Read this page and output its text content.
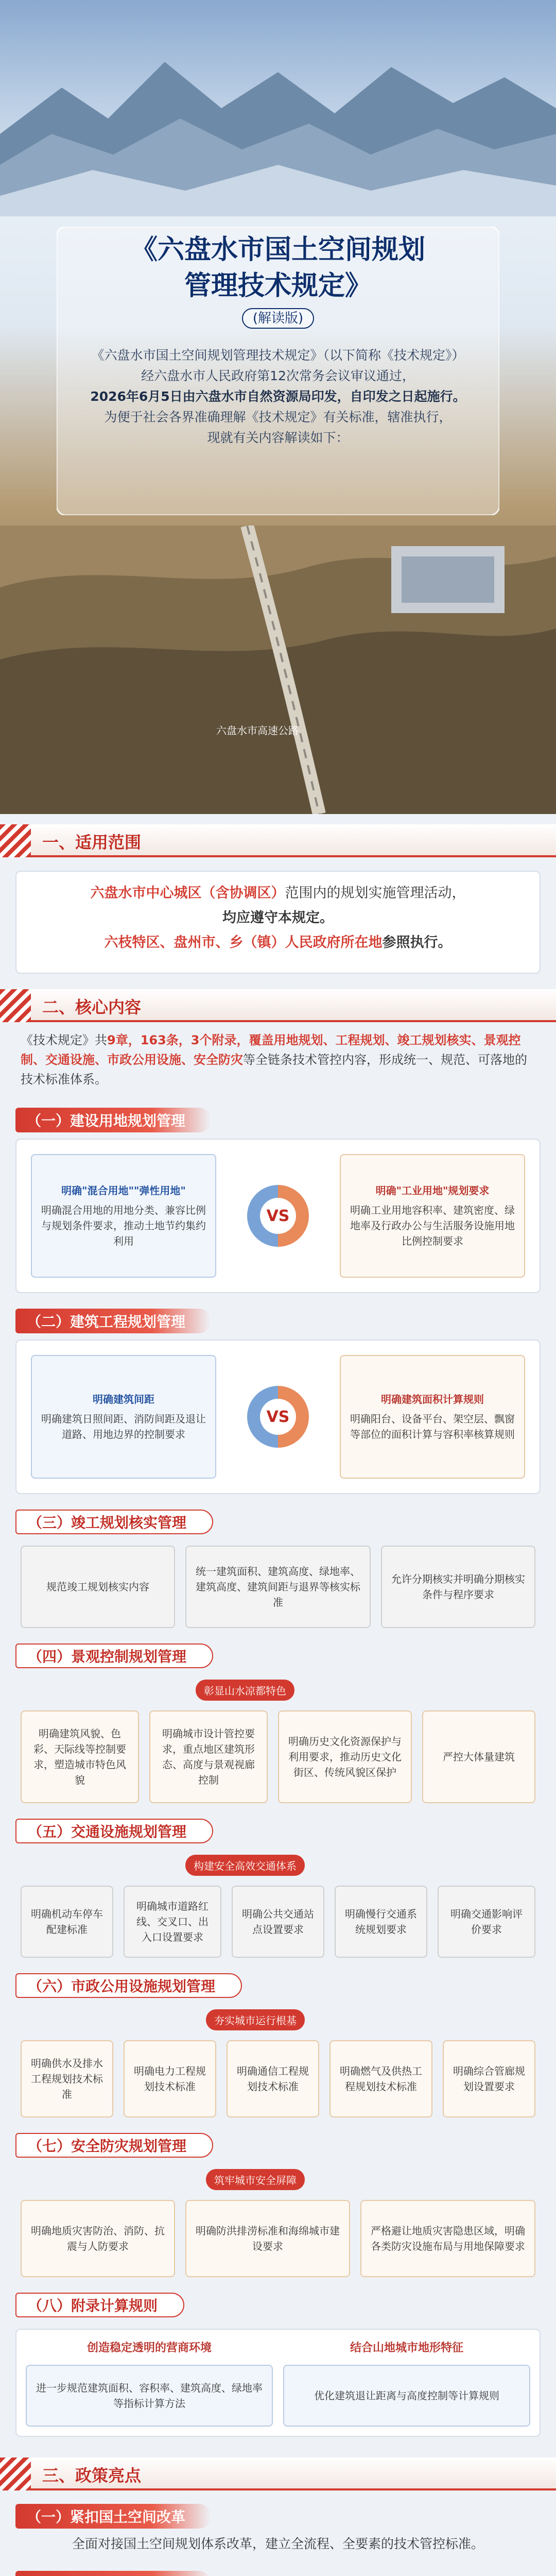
《六盘水市国土空间规划
管理技术规定》
(解读版)
《六盘水市国土空间规划管理技术规定》（以下简称《技术规定》）
经六盘水市人民政府第12次常务会议审议通过，
2026年6月5日由六盘水市自然资源局印发，自印发之日起施行。
为便于社会各界准确理解《技术规定》有关标准，辖准执行，
现就有关内容解读如下：
六盘水市高速公路
一、适用范围
六盘水市中心城区（含协调区）范围内的规划实施管理活动，
均应遵守本规定。
六枝特区、盘州市、乡（镇）人民政府所在地参照执行。
二、核心内容
《技术规定》共9章，163条，3个附录，覆盖用地规划、工程规划、竣工规划核实、景观控制、交通设施、市政公用设施、安全防灾等全链条技术管控内容，形成统一、规范、可落地的技术标准体系。
（一）建设用地规划管理
明确"混合用地""弹性用地"
明确混合用地的用地分类、兼容比例与规划条件要求，推动土地节约集约利用
VS
明确"工业用地"规划要求
明确工业用地容积率、建筑密度、绿地率及行政办公与生活服务设施用地比例控制要求
（二）建筑工程规划管理
明确建筑间距
明确建筑日照间距、消防间距及退让道路、用地边界的控制要求
VS
明确建筑面积计算规则
明确阳台、设备平台、架空层、飘窗等部位的面积计算与容积率核算规则
（三）竣工规划核实管理
规范竣工规划核实内容
统一建筑面积、建筑高度、绿地率、建筑高度、建筑间距与退界等核实标准
允许分期核实并明确分期核实条件与程序要求
（四）景观控制规划管理
彰显山水凉都特色
明确建筑风貌、色彩、天际线等控制要求，塑造城市特色风貌
明确城市设计管控要求，重点地区建筑形态、高度与景观视廊控制
明确历史文化资源保护与利用要求，推动历史文化街区、传统风貌区保护
严控大体量建筑
（五）交通设施规划管理
构建安全高效交通体系
明确机动车停车配建标准
明确城市道路红线、交叉口、出入口设置要求
明确公共交通站点设置要求
明确慢行交通系统规划要求
明确交通影响评价要求
（六）市政公用设施规划管理
夯实城市运行根基
明确供水及排水工程规划技术标准
明确电力工程规划技术标准
明确通信工程规划技术标准
明确燃气及供热工程规划技术标准
明确综合管廊规划设置要求
（七）安全防灾规划管理
筑牢城市安全屏障
明确地质灾害防治、消防、抗震与人防要求
明确防洪排涝标准和海绵城市建设要求
严格避让地质灾害隐患区域，明确各类防灾设施布局与用地保障要求
（八）附录计算规则
创造稳定透明的营商环境
进一步规范建筑面积、容积率、建筑高度、绿地率等指标计算方法
结合山地城市地形特征
优化建筑退让距离与高度控制等计算规则
三、政策亮点
（一）紧扣国土空间改革
全面对接国土空间规划体系改革，建立全流程、全要素的技术管控标准。
